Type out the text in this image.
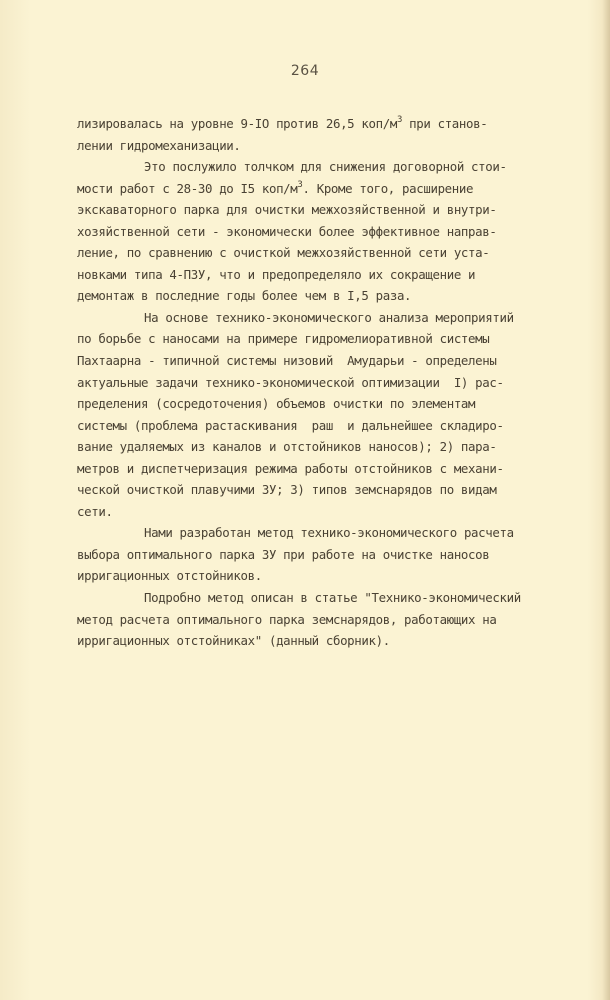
264
лизировалась на уровне 9-IO против 26,5 коп/$м^3$ при станов-
лении гидромеханизации.
Это послужило толчком для снижения договорной стои-
мости работ с 28-30 до I5 коп/$м^3$. Кроме того, расширение
экскаваторного парка для очистки межхозяйственной и внутри-
хозяйственной сети - экономически более эффективное направ-
ление, по сравнению с очисткой межхозяйственной сети уста-
новками типа 4-ПЗУ, что и предопределяло их сокращение и
демонтаж в последние годы более чем в I,5 раза.
На основе технико-экономического анализа мероприятий
по борьбе с наносами на примере гидромелиоративной системы
Пахтаарна - типичной системы низовий  Амударьи - определены
актуальные задачи технико-экономической оптимизации  I) рас-
пределения (сосредоточения) объемов очистки по элементам
системы (проблема растаскивания  раш  и дальнейшее складиро-
вание удаляемых из каналов и отстойников наносов); 2) пара-
метров и диспетчеризация режима работы отстойников с механи-
ческой очисткой плавучими ЗУ; 3) типов земснарядов по видам
сети.
Нами разработан метод технико-экономического расчета
выбора оптимального парка ЗУ при работе на очистке наносов
ирригационных отстойников.
Подробно метод описан в статье "Технико-экономический
метод расчета оптимального парка земснарядов, работающих на
ирригационных отстойниках" (данный сборник).
